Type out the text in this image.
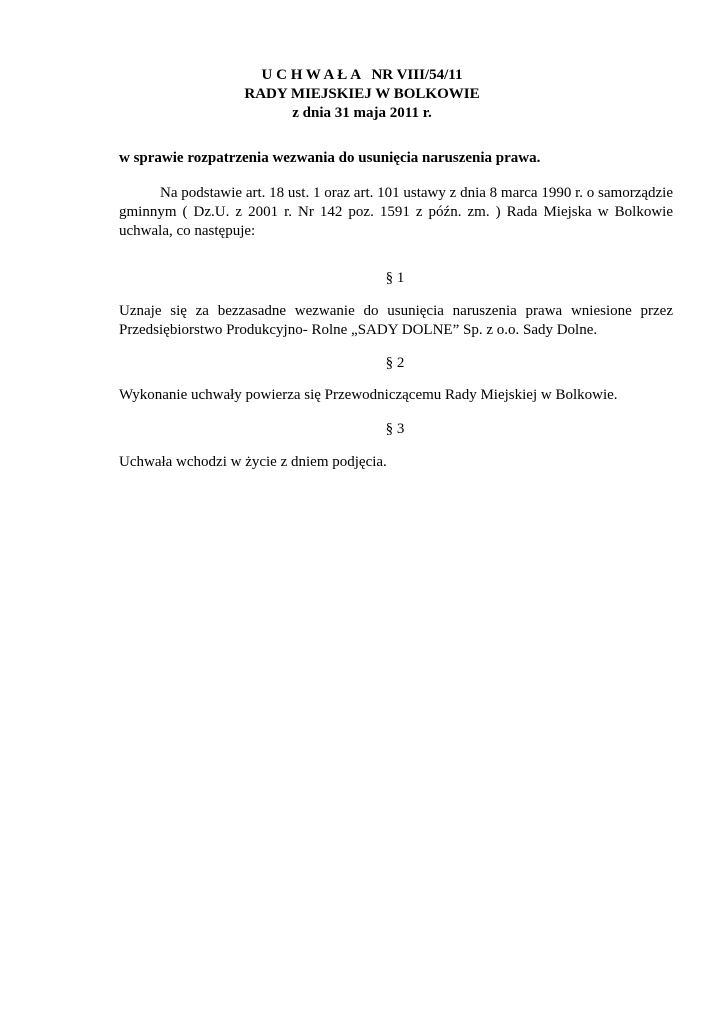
U C H W A Ł A   NR VIII/54/11
RADY MIEJSKIEJ W BOLKOWIE
z dnia 31 maja 2011 r.
w sprawie rozpatrzenia wezwania do usunięcia naruszenia prawa.
Na podstawie art. 18 ust. 1 oraz art. 101 ustawy z dnia 8 marca 1990 r. o samorządzie
gminnym ( Dz.U. z 2001 r. Nr 142 poz. 1591 z późn. zm. ) Rada Miejska w Bolkowie
uchwala, co następuje:
§ 1
Uznaje się za bezzasadne wezwanie do usunięcia naruszenia prawa wniesione przez
Przedsiębiorstwo Produkcyjno- Rolne „SADY DOLNE” Sp. z o.o. Sady Dolne.
§ 2
Wykonanie uchwały powierza się Przewodniczącemu Rady Miejskiej w Bolkowie.
§ 3
Uchwała wchodzi w życie z dniem podjęcia.
